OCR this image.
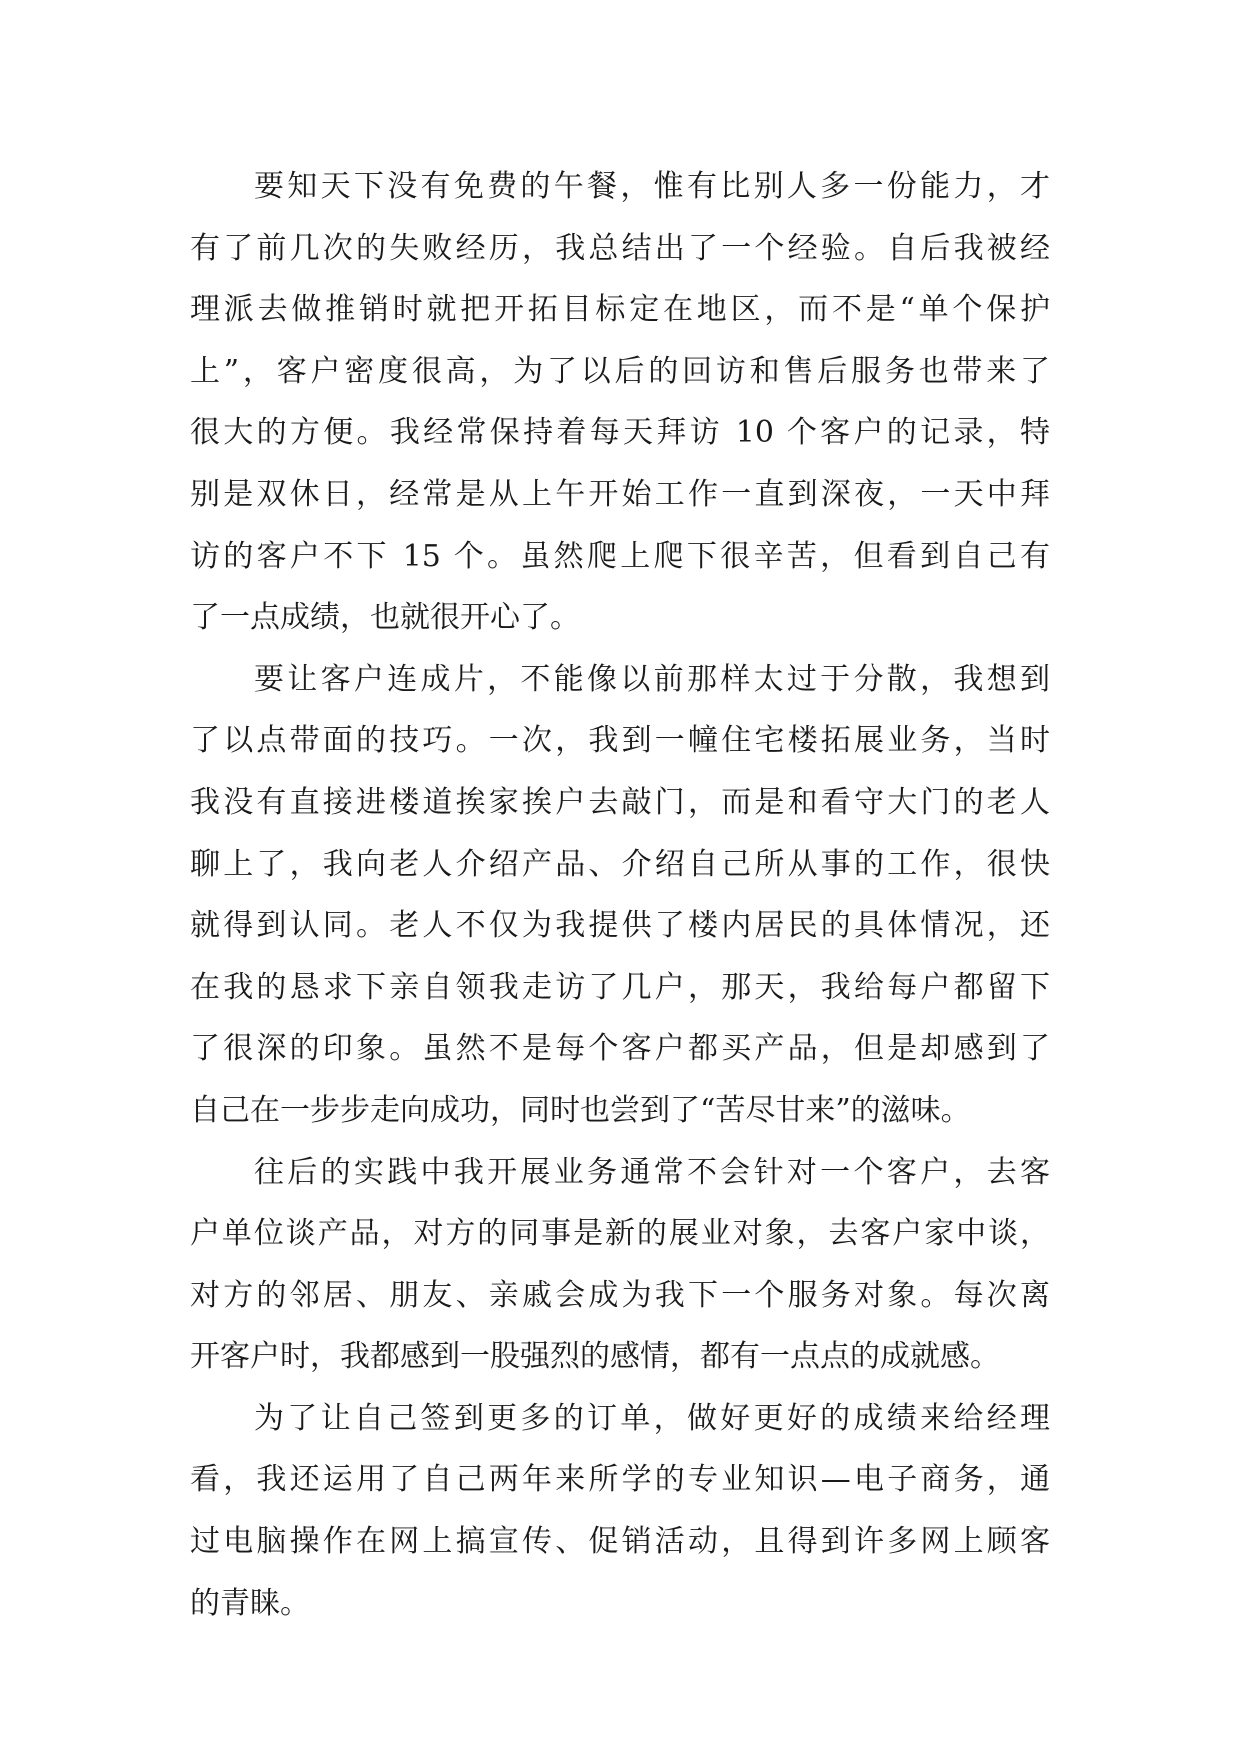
要知天下没有免费的午餐，惟有比别人多一份能力，才
有了前几次的失败经历，我总结出了一个经验。自后我被经
理派去做推销时就把开拓目标定在地区，而不是“单个保护
上”，客户密度很高，为了以后的回访和售后服务也带来了
很大的方便。我经常保持着每天拜访 10 个客户的记录，特
别是双休日，经常是从上午开始工作一直到深夜，一天中拜
访的客户不下 15 个。虽然爬上爬下很辛苦，但看到自己有
了一点成绩，也就很开心了。
要让客户连成片，不能像以前那样太过于分散，我想到
了以点带面的技巧。一次，我到一幢住宅楼拓展业务，当时
我没有直接进楼道挨家挨户去敲门，而是和看守大门的老人
聊上了，我向老人介绍产品、介绍自己所从事的工作，很快
就得到认同。老人不仅为我提供了楼内居民的具体情况，还
在我的恳求下亲自领我走访了几户，那天，我给每户都留下
了很深的印象。虽然不是每个客户都买产品，但是却感到了
自己在一步步走向成功，同时也尝到了“苦尽甘来”的滋味。
往后的实践中我开展业务通常不会针对一个客户，去客
户单位谈产品，对方的同事是新的展业对象，去客户家中谈，
对方的邻居、朋友、亲戚会成为我下一个服务对象。每次离
开客户时，我都感到一股强烈的感情，都有一点点的成就感。
为了让自己签到更多的订单，做好更好的成绩来给经理
看，我还运用了自己两年来所学的专业知识—电子商务，通
过电脑操作在网上搞宣传、促销活动，且得到许多网上顾客
的青睐。
